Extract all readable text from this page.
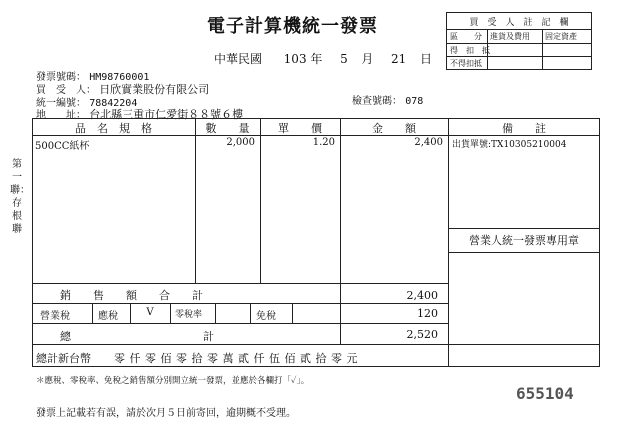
電子計算機統一發票
中華民國 103 年 5 月 21 日
買　受　人　註　記　欄
區　　分 進貨及費用 固定資產
得　扣　抵
不得扣抵
發票號碼： HM98760001
買　受　人： 日欣實業股份有限公司
統一編號： 78842204
地　　址： 台北縣三重市仁愛街８８號６樓
檢查號碼： 078
第一聯：存根聯
品　名　規　格	數　　量	單　　價	金　　額	備　　註
500CC紙杯	2,000	1.20	2,400 出貨單號:TX10305210004
營業人統一發票專用章
銷　　售　　額　　合　　計	2,400
營業稅	應稅	V	零稅率	免稅	120
總　　　　　　　　　　　　計	2,520
總計新台幣 零 仟 零 佰 零 拾 零 萬 貳 仟 伍 佰 貳 拾 零 元
＊應稅、零稅率、免稅之銷售額分別開立統一發票，並應於各欄打「✓」。
655104
發票上記載若有誤，請於次月５日前寄回，逾期概不受理。
